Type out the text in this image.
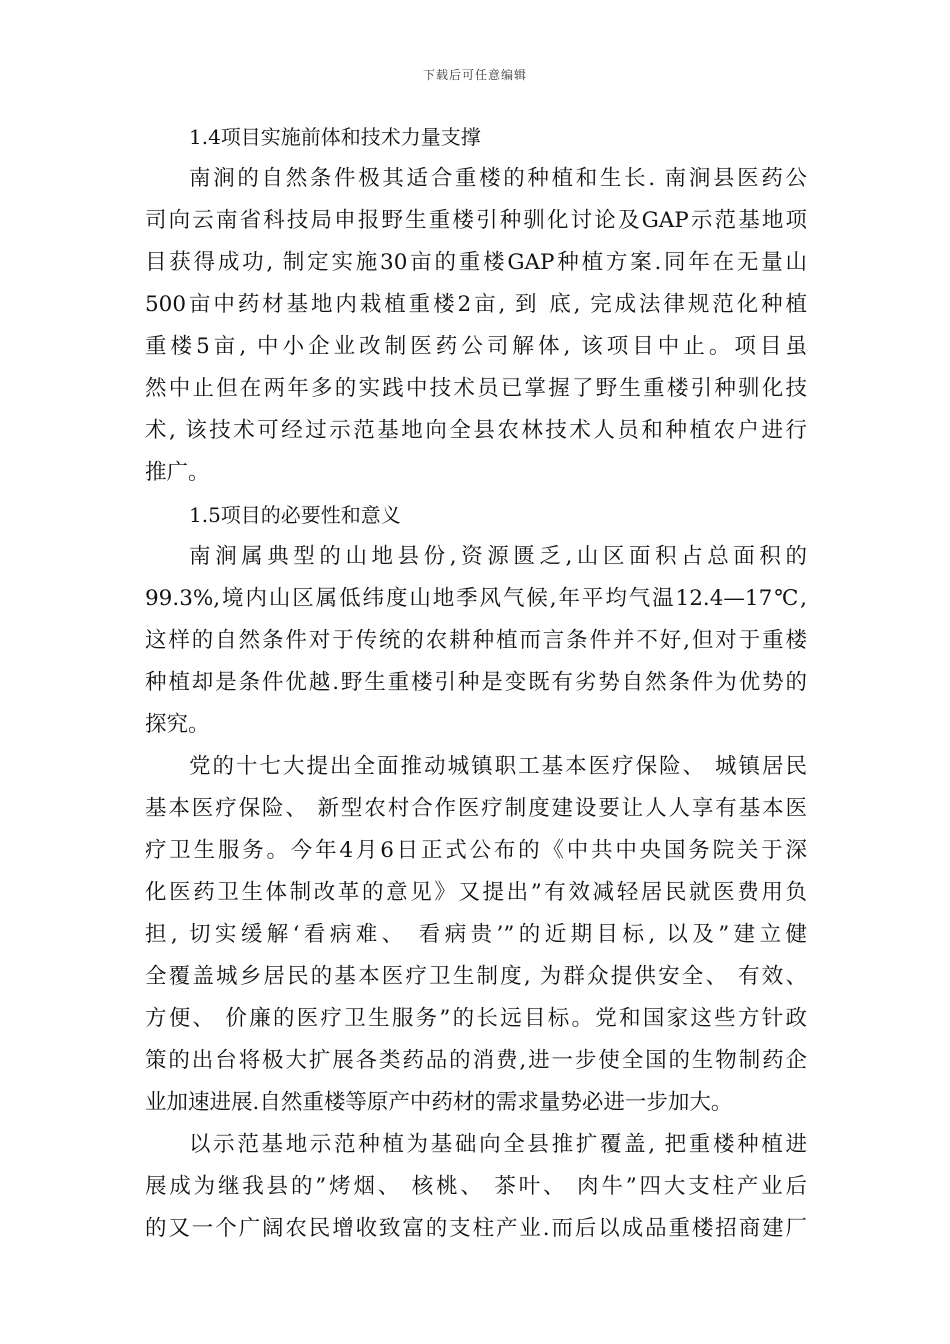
下载后可任意编辑
1.4项目实施前体和技术力量支撑
南涧的自然条件极其适合重楼的种植和生长. 南涧县医药公
司向云南省科技局申报野生重楼引种驯化讨论及GAP示范基地项
目获得成功, 制定实施30亩的重楼GAP种植方案.同年在无量山
500亩中药材基地内栽植重楼2亩, 到 底, 完成法律规范化种植
重楼5亩, 中小企业改制医药公司解体, 该项目中止。项目虽
然中止但在两年多的实践中技术员已掌握了野生重楼引种驯化技
术, 该技术可经过示范基地向全县农林技术人员和种植农户进行
推广。
1.5项目的必要性和意义
南涧属典型的山地县份,资源匮乏,山区面积占总面积的
99.3%,境内山区属低纬度山地季风气候,年平均气温12.4—17℃,
这样的自然条件对于传统的农耕种植而言条件并不好,但对于重楼
种植却是条件优越.野生重楼引种是变既有劣势自然条件为优势的
探究。
党的十七大提出全面推动城镇职工基本医疗保险、 城镇居民
基本医疗保险、 新型农村合作医疗制度建设要让人人享有基本医
疗卫生服务。今年4月6日正式公布的《中共中央国务院关于深
化医药卫生体制改革的意见》又提出”有效减轻居民就医费用负
担, 切实缓解‘看病难、 看病贵’”的近期目标, 以及”建立健
全覆盖城乡居民的基本医疗卫生制度, 为群众提供安全、 有效、
方便、 价廉的医疗卫生服务”的长远目标。党和国家这些方针政
策的出台将极大扩展各类药品的消费,进一步使全国的生物制药企
业加速进展.自然重楼等原产中药材的需求量势必进一步加大。
以示范基地示范种植为基础向全县推扩覆盖, 把重楼种植进
展成为继我县的”烤烟、 核桃、 茶叶、 肉牛”四大支柱产业后
的又一个广阔农民增收致富的支柱产业.而后以成品重楼招商建厂
